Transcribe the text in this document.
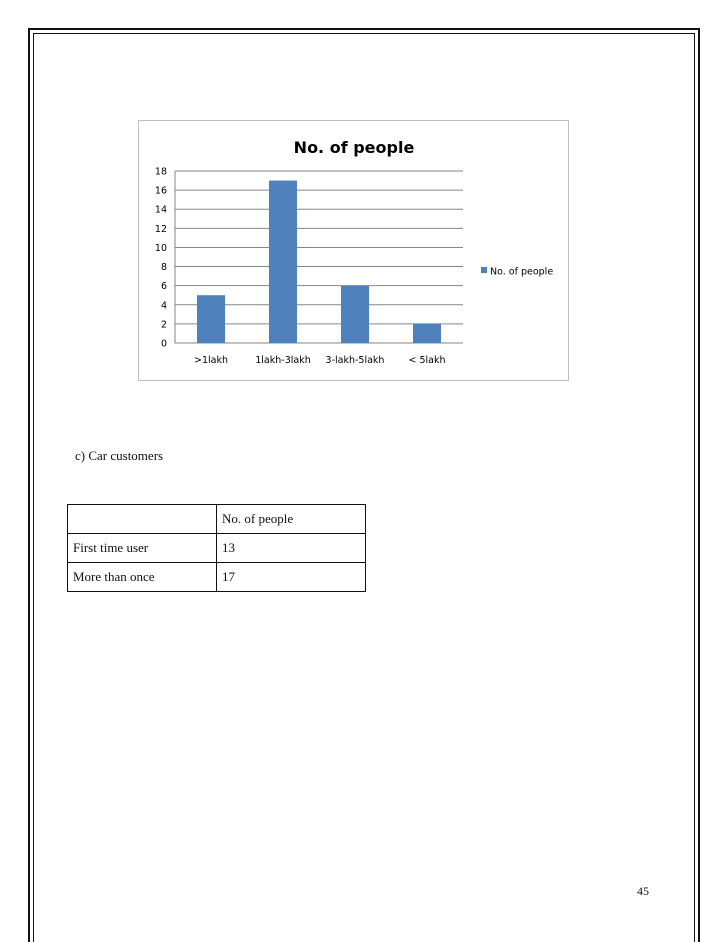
No. of people
0
2
4
6
8
10
12
14
16
18
>1lakh	1lakh-3lakh 3-lakh-5lakh	< 5lakh
No. of people
c) Car customers
	No. of people
First time user	13
More than once	17
45
